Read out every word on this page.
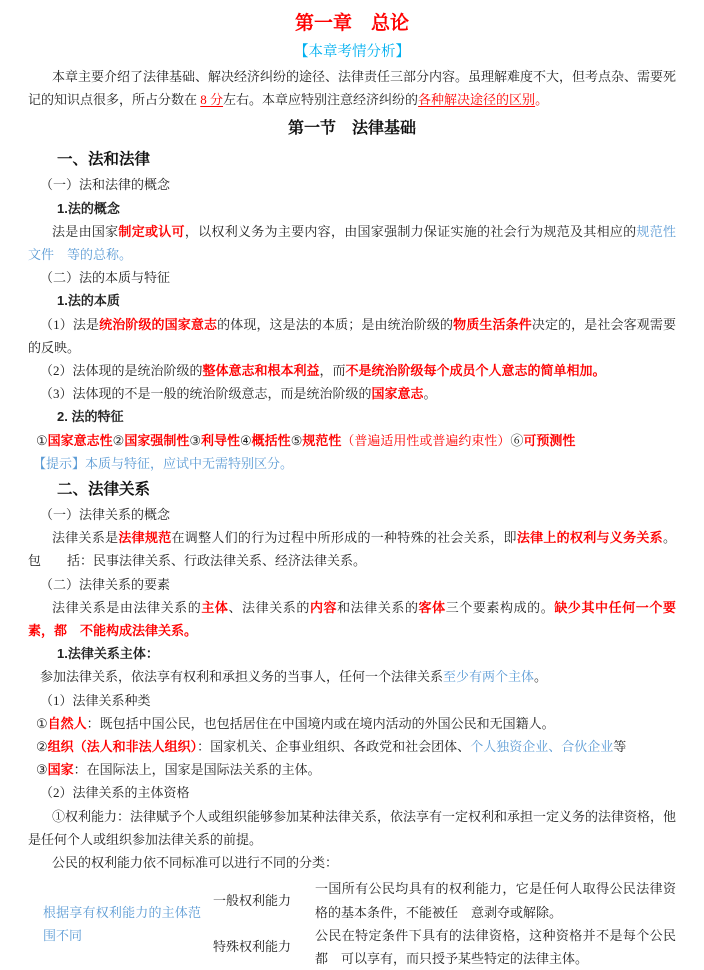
第一章　总论

【本章考情分析】

本章主要介绍了法律基础、解决经济纠纷的途径、法律责任三部分内容。虽理解难度不大，但考点杂、需要死　　记的知识点很多，所占分数在 8 分左右。本章应特别注意经济纠纷的各种解决途径的区别。

第一节　法律基础

一、法和法律

（一）法和法律的概念

1.法的概念

法是由国家制定或认可，以权利义务为主要内容，由国家强制力保证实施的社会行为规范及其相应的规范性文件　等的总称。

（二）法的本质与特征

1.法的本质

（1）法是统治阶级的国家意志的体现，这是法的本质；是由统治阶级的物质生活条件决定的，是社会客观需要　　的反映。

（2）法体现的是统治阶级的整体意志和根本利益，而不是统治阶级每个成员个人意志的简单相加。

（3）法体现的不是一般的统治阶级意志，而是统治阶级的国家意志。

2. 法的特征

①国家意志性②国家强制性③利导性④概括性⑤规范性（普遍适用性或普遍约束性）⑥可预测性

【提示】本质与特征，应试中无需特别区分。

二、法律关系

（一）法律关系的概念

法律关系是法律规范在调整人们的行为过程中所形成的一种特殊的社会关系，即法律上的权利与义务关系。包　　括：民事法律关系、行政法律关系、经济法律关系。

（二）法律关系的要素

法律关系是由法律关系的主体、法律关系的内容和法律关系的客体三个要素构成的。缺少其中任何一个要素，都　不能构成法律关系。

1.法律关系主体：

参加法律关系，依法享有权利和承担义务的当事人，任何一个法律关系至少有两个主体。

（1）法律关系种类

①自然人：既包括中国公民，也包括居住在中国境内或在境内活动的外国公民和无国籍人。

②组织（法人和非法人组织）：国家机关、企事业组织、各政党和社会团体、个人独资企业、合伙企业等

③国家：在国际法上，国家是国际法关系的主体。

（2）法律关系的主体资格

①权利能力：法律赋予个人或组织能够参加某种法律关系，依法享有一定权利和承担一定义务的法律资格，他　　是任何个人或组织参加法律关系的前提。

公民的权利能力依不同标准可以进行不同的分类：

根据享有权利能力的主体范围不同
一般权利能力
一国所有公民均具有的权利能力，它是任何人取得公民法律资格的基本条件，不能被任　意剥夺或解除。
特殊权利能力
公民在特定条件下具有的法律资格，这种资格并不是每个公民都　可以享有，而只授予某些特定的法律主体。
